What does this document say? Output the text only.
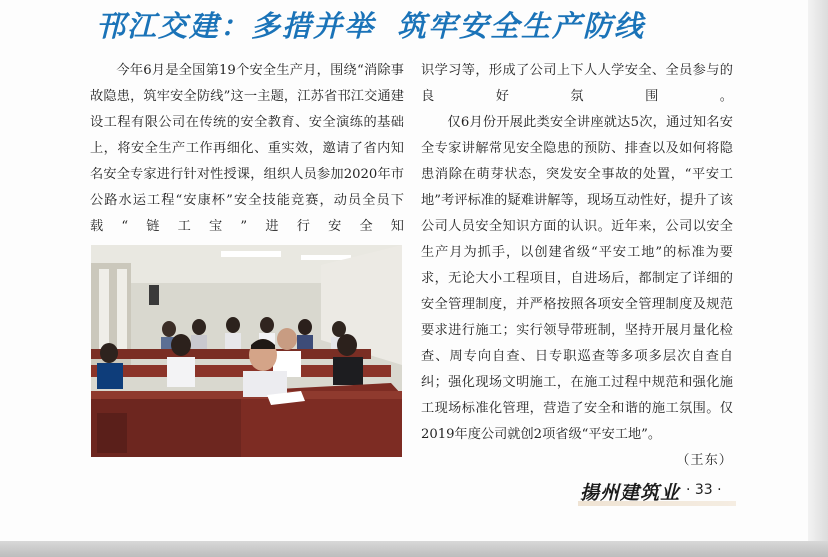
邗江交建：多措并举 筑牢安全生产防线

今年6月是全国第19个安全生产月，围绕“消除事故隐患，筑牢安全防线”这一主题，江苏省邗江交通建设工程有限公司在传统的安全教育、安全演练的基础上，将安全生产工作再细化、重实效，邀请了省内知名安全专家进行针对性授课，组织人员参加2020年市公路水运工程“安康杯”安全技能竞赛，动员全员下载“链工宝”进行安全知

识学习等，形成了公司上下人人学安全、全员参与的良好氛围。

仅6月份开展此类安全讲座就达5次，通过知名安全专家讲解常见安全隐患的预防、排查以及如何将隐患消除在萌芽状态，突发安全事故的处置，“平安工地”考评标准的疑难讲解等，现场互动性好，提升了该公司人员安全知识方面的认识。近年来，公司以安全生产月为抓手，以创建省级“平安工地”的标准为要求，无论大小工程项目，自进场后，都制定了详细的安全管理制度，并严格按照各项安全管理制度及规范要求进行施工；实行领导带班制，坚持开展月量化检查、周专向自查、日专职巡查等多项多层次自查自纠；强化现场文明施工，在施工过程中规范和强化施工现场标准化管理，营造了安全和谐的施工氛围。仅2019年度公司就创2项省级“平安工地”。
（王东）

揚州建筑业 · 33 ·
